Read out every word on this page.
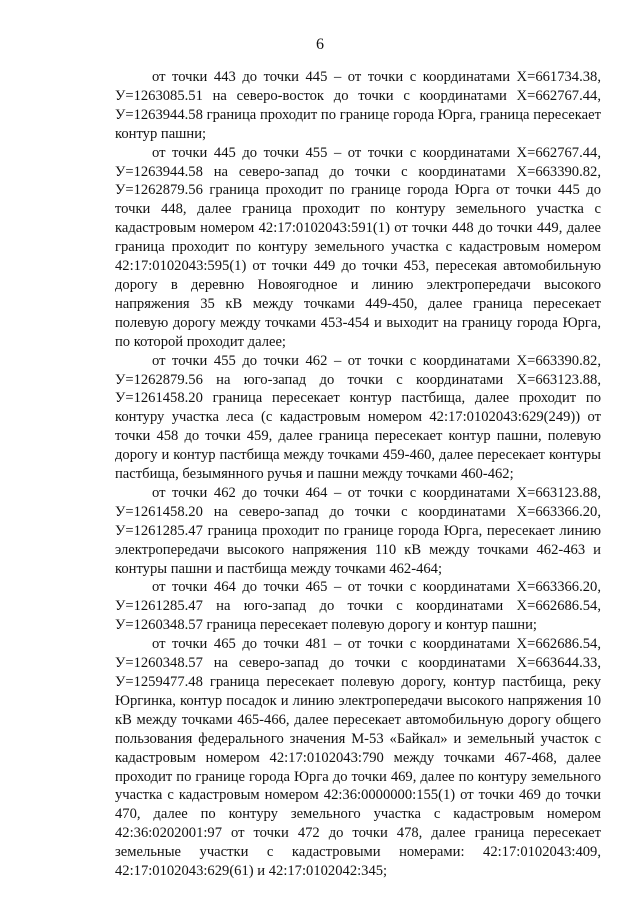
6

от точки 443 до точки 445 – от точки с координатами Х=661734.38, У=1263085.51 на северо-восток до точки с координатами Х=662767.44, У=1263944.58 граница проходит по границе города Юрга, граница пересекает контур пашни;

от точки 445 до точки 455 – от точки с координатами Х=662767.44, У=1263944.58 на северо-запад до точки с координатами Х=663390.82, У=1262879.56 граница проходит по границе города Юрга от точки 445 до точки 448, далее граница проходит по контуру земельного участка с кадастровым номером 42:17:0102043:591(1) от точки 448 до точки 449, далее граница проходит по контуру земельного участка с кадастровым номером 42:17:0102043:595(1) от точки 449 до точки 453, пересекая автомобильную дорогу в деревню Новоягодное и линию электропередачи высокого напряжения 35 кВ между точками 449-450, далее граница пересекает полевую дорогу между точками 453-454 и выходит на границу города Юрга, по которой проходит далее;

от точки 455 до точки 462 – от точки с координатами Х=663390.82, У=1262879.56 на юго-запад до точки с координатами Х=663123.88, У=1261458.20 граница пересекает контур пастбища, далее проходит по контуру участка леса (с кадастровым номером 42:17:0102043:629(249)) от точки 458 до точки 459, далее граница пересекает контур пашни, полевую дорогу и контур пастбища между точками 459-460, далее пересекает контуры пастбища, безымянного ручья и пашни между точками 460-462;

от точки 462 до точки 464 – от точки с координатами Х=663123.88, У=1261458.20 на северо-запад до точки с координатами Х=663366.20, У=1261285.47 граница проходит по границе города Юрга, пересекает линию электропередачи высокого напряжения 110 кВ между точками 462-463 и контуры пашни и пастбища между точками 462-464;

от точки 464 до точки 465 – от точки с координатами Х=663366.20, У=1261285.47 на юго-запад до точки с координатами Х=662686.54, У=1260348.57 граница пересекает полевую дорогу и контур пашни;

от точки 465 до точки 481 – от точки с координатами Х=662686.54, У=1260348.57 на северо-запад до точки с координатами Х=663644.33, У=1259477.48 граница пересекает полевую дорогу, контур пастбища, реку Юргинка, контур посадок и линию электропередачи высокого напряжения 10 кВ между точками 465-466, далее пересекает автомобильную дорогу общего пользования федерального значения М-53 «Байкал» и земельный участок с кадастровым номером 42:17:0102043:790 между точками 467-468, далее проходит по границе города Юрга до точки 469, далее по контуру земельного участка с кадастровым номером 42:36:0000000:155(1) от точки 469 до точки 470, далее по контуру земельного участка с кадастровым номером 42:36:0202001:97 от точки 472 до точки 478, далее граница пересекает земельные участки с кадастровыми номерами: 42:17:0102043:409, 42:17:0102043:629(61) и 42:17:0102042:345;
